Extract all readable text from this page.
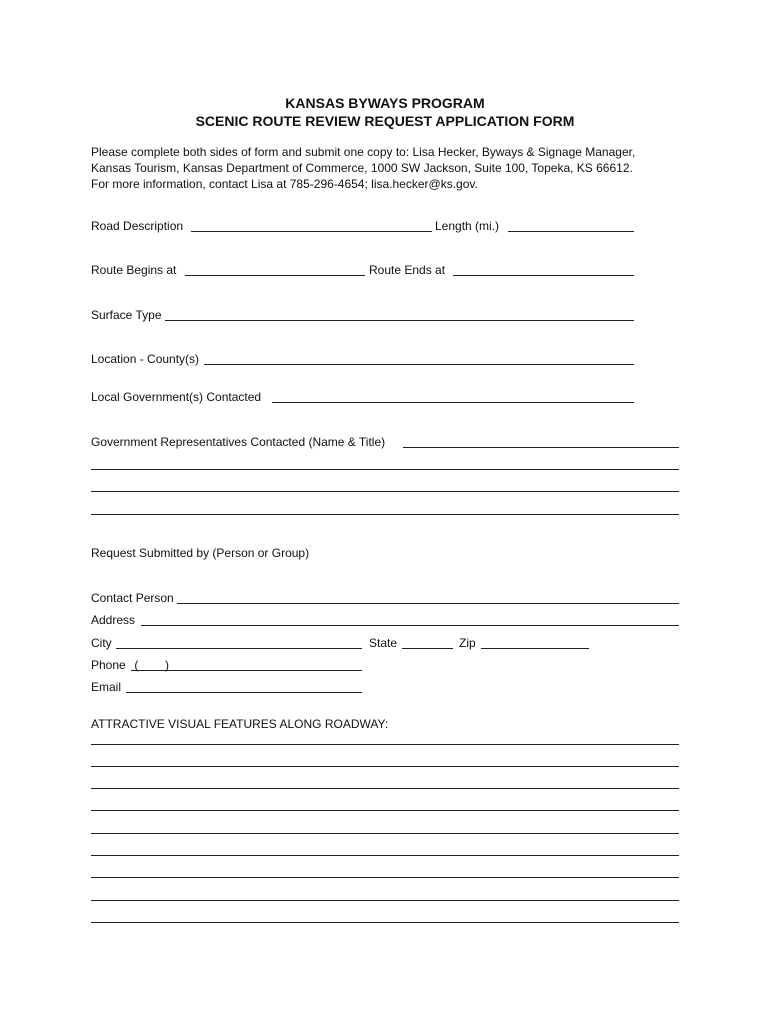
KANSAS BYWAYS PROGRAM
SCENIC ROUTE REVIEW REQUEST APPLICATION FORM
Please complete both sides of form and submit one copy to: Lisa Hecker, Byways & Signage Manager,
Kansas Tourism, Kansas Department of Commerce, 1000 SW Jackson, Suite 100, Topeka, KS 66612.
For more information, contact Lisa at 785-296-4654; lisa.hecker@ks.gov.
Road Description	Length (mi.)
Route Begins at	Route Ends at
Surface Type
Location - County(s)
Local Government(s) Contacted
Government Representatives Contacted (Name & Title)
Request Submitted by (Person or Group)
Contact Person
Address
City	State	Zip
Phone (        )
Email
ATTRACTIVE VISUAL FEATURES ALONG ROADWAY:
